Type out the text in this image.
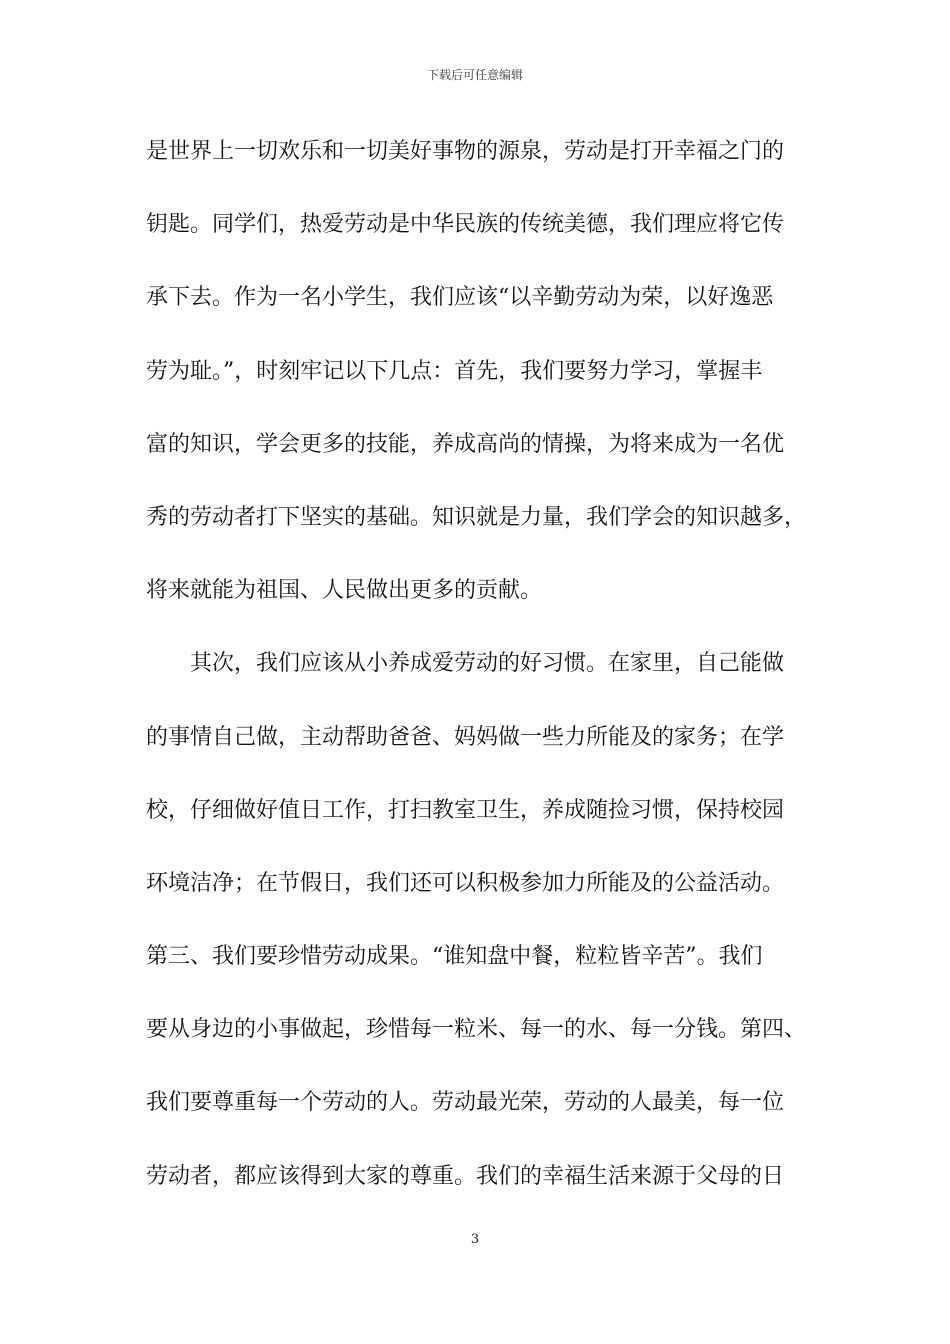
下载后可任意编辑
是世界上一切欢乐和一切美好事物的源泉，劳动是打开幸福之门的
钥匙。同学们，热爱劳动是中华民族的传统美德，我们理应将它传
承下去。作为一名小学生，我们应该“以辛勤劳动为荣，以好逸恶
劳为耻。”，时刻牢记以下几点：首先，我们要努力学习，掌握丰
富的知识，学会更多的技能，养成高尚的情操，为将来成为一名优
秀的劳动者打下坚实的基础。知识就是力量，我们学会的知识越多，
将来就能为祖国、人民做出更多的贡献。
其次，我们应该从小养成爱劳动的好习惯。在家里，自己能做
的事情自己做，主动帮助爸爸、妈妈做一些力所能及的家务；在学
校，仔细做好值日工作，打扫教室卫生，养成随捡习惯，保持校园
环境洁净；在节假日，我们还可以积极参加力所能及的公益活动。
第三、我们要珍惜劳动成果。“谁知盘中餐，粒粒皆辛苦”。我们
要从身边的小事做起，珍惜每一粒米、每一的水、每一分钱。第四、
我们要尊重每一个劳动的人。劳动最光荣，劳动的人最美，每一位
劳动者，都应该得到大家的尊重。我们的幸福生活来源于父母的日
3
